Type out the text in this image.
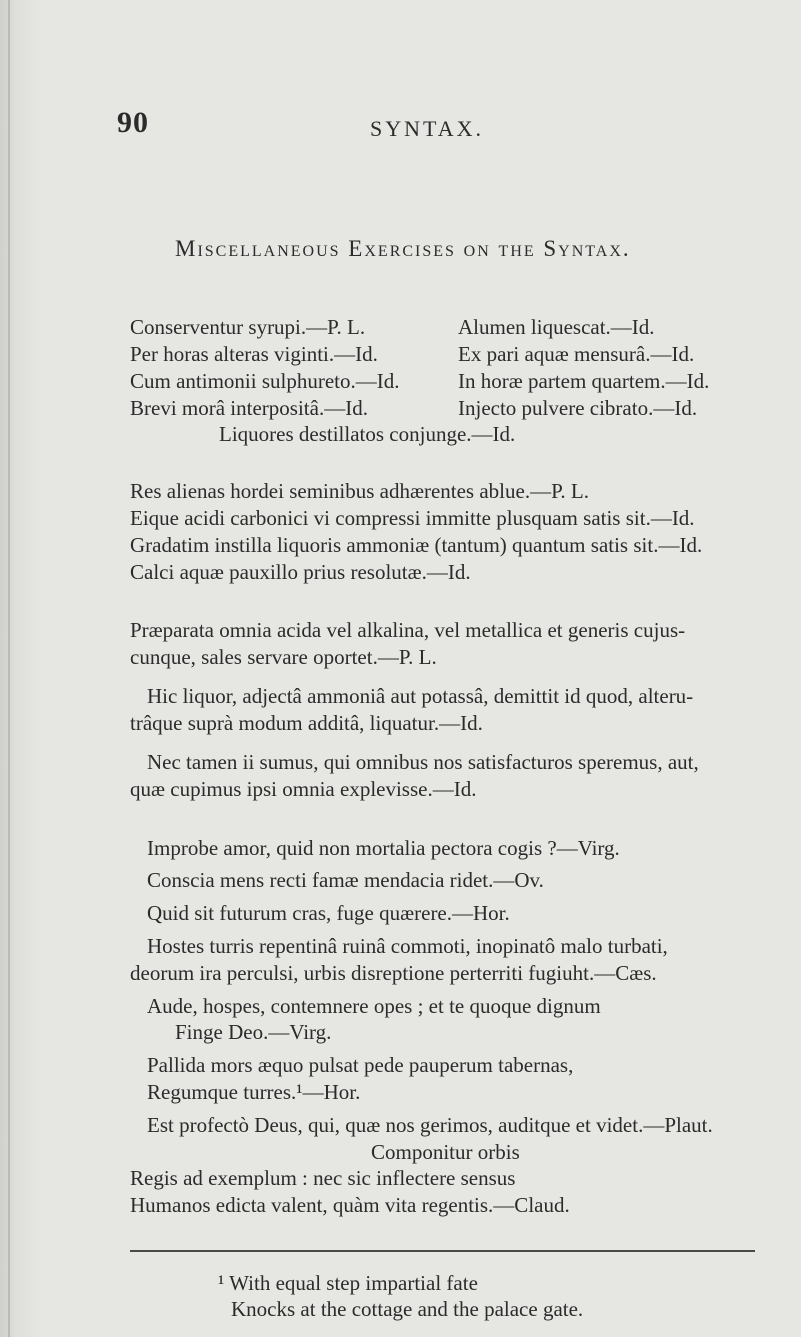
90	SYNTAX.
Miscellaneous Exercises on the Syntax.
Conserventur syrupi.—P. L.
Per horas alteras viginti.—Id.
Cum antimonii sulphureto.—Id.
Brevi morâ interpositâ.—Id.
Alumen liquescat.—Id.
Ex pari aquæ mensurâ.—Id.
In horæ partem quartem.—Id.
Injecto pulvere cibrato.—Id.
Liquores destillatos conjunge.—Id.
Res alienas hordei seminibus adhærentes ablue.—P. L.
Eique acidi carbonici vi compressi immitte plusquam satis sit.—Id.
Gradatim instilla liquoris ammoniæ (tantum) quantum satis sit.—Id.
Calci aquæ pauxillo prius resolutæ.—Id.
Præparata omnia acida vel alkalina, vel metallica et generis cujus-
cunque, sales servare oportet.—P. L.
Hic liquor, adjectâ ammoniâ aut potassâ, demittit id quod, alteru-
trâque suprà modum additâ, liquatur.—Id.
Nec tamen ii sumus, qui omnibus nos satisfacturos speremus, aut,
quæ cupimus ipsi omnia explevisse.—Id.
Improbe amor, quid non mortalia pectora cogis ?—Virg.
Conscia mens recti famæ mendacia ridet.—Ov.
Quid sit futurum cras, fuge quærere.—Hor.
Hostes turris repentinâ ruinâ commoti, inopinatô malo turbati,
deorum ira perculsi, urbis disreptione perterriti fugiuht.—Cæs.
Aude, hospes, contemnere opes ; et te quoque dignum
Finge Deo.—Virg.
Pallida mors æquo pulsat pede pauperum tabernas,
Regumque turres.¹—Hor.
Est profectò Deus, qui, quæ nos gerimos, auditque et videt.—Plaut.
Componitur orbis
Regis ad exemplum : nec sic inflectere sensus
Humanos edicta valent, quàm vita regentis.—Claud.
¹ With equal step impartial fate
Knocks at the cottage and the palace gate.
